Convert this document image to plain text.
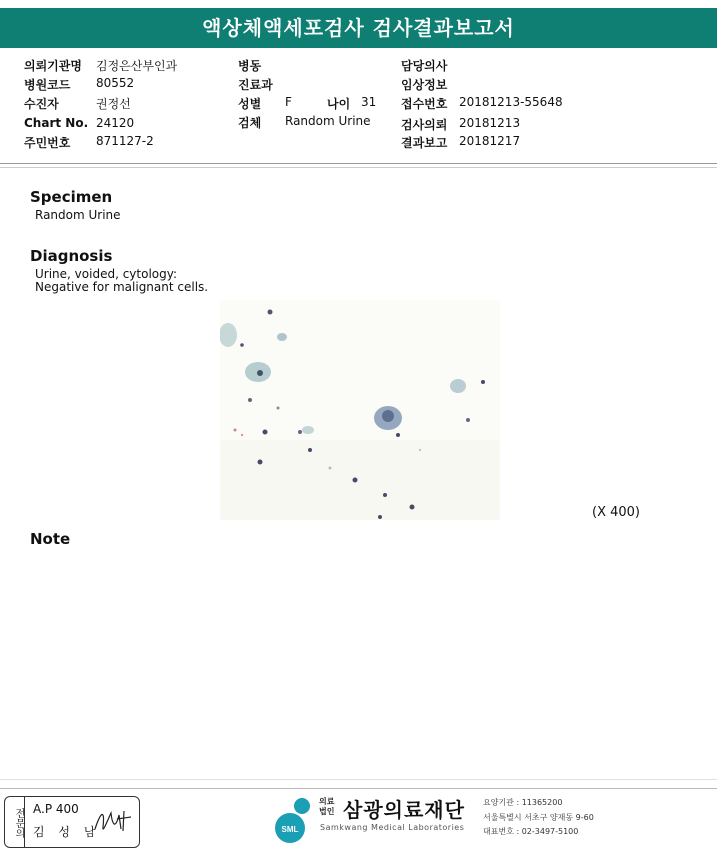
액상체액세포검사 검사결과보고서
의뢰기관명 김정은산부인과
병원코드 80552
수진자	권정선
Chart No. 24120
주민번호 871127-2
병동
진료과
성별 F	나이 31
검체 Random Urine
담당의사
임상정보
접수번호 20181213-55648
검사의뢰 20181213
결과보고 20181217
Specimen
Random Urine
Diagnosis
Urine, voided, cytology:
Negative for malignant cells.
(X 400)
Note
전문의 A.P 400
김 성 남	SML
의료
법인 삼광의료재단
Samkwang Medical Laboratories
요양기관 : 11365200
서울특별시 서초구 양재동 9-60
대표번호 : 02-3497-5100
